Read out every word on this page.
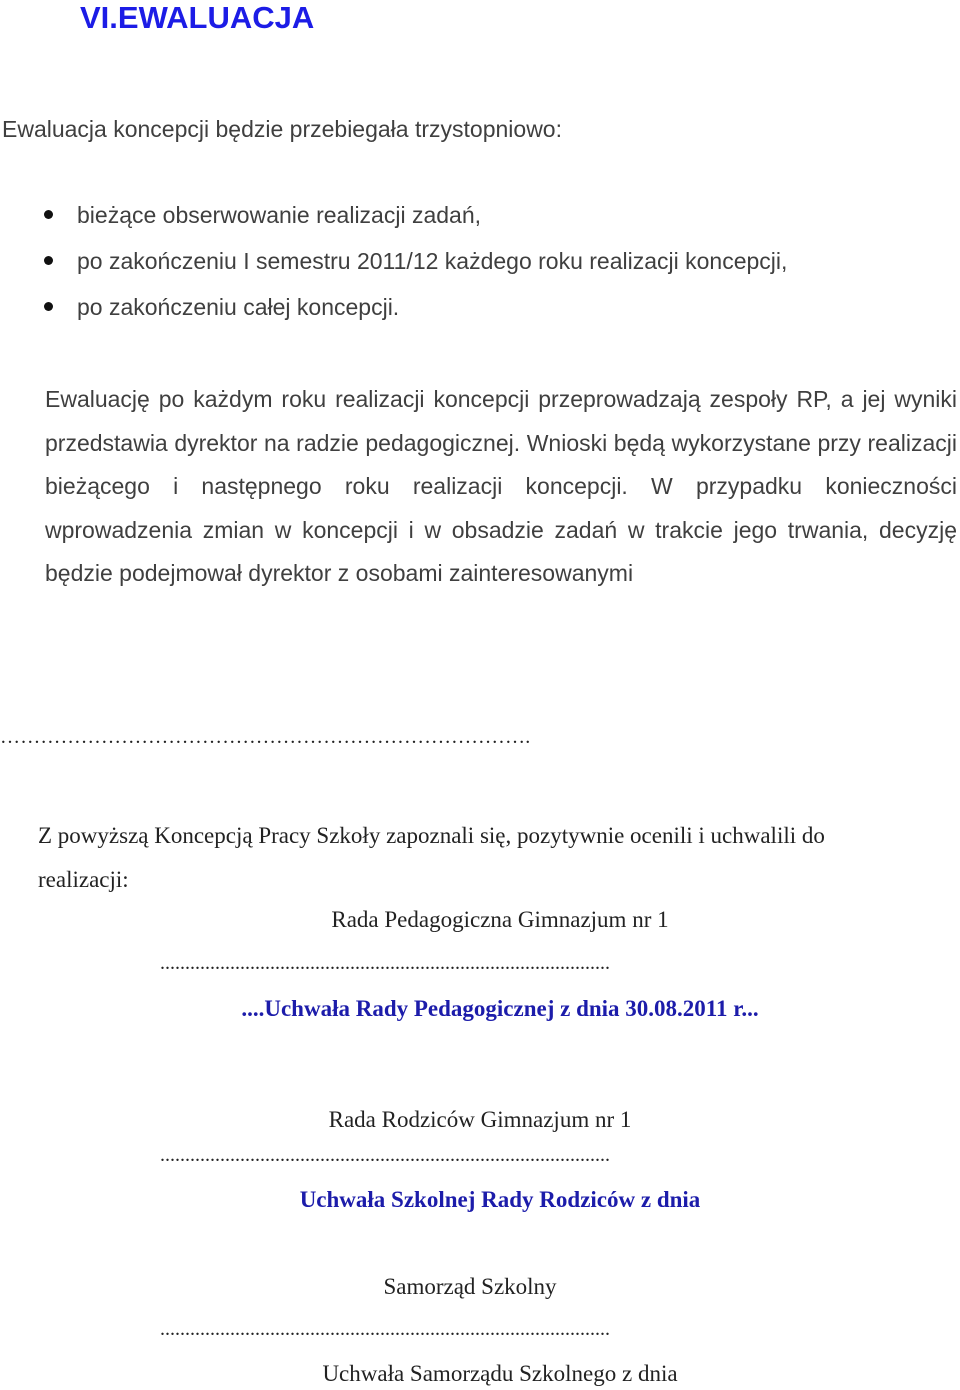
VI.EWALUACJA
Ewaluacja koncepcji będzie przebiegała trzystopniowo:
bieżące obserwowanie realizacji zadań,
po zakończeniu I semestru 2011/12 każdego roku realizacji koncepcji,
po zakończeniu całej koncepcji.
Ewaluację po każdym roku realizacji koncepcji przeprowadzają zespoły RP, a jej wyniki przedstawia dyrektor na radzie pedagogicznej. Wnioski będą wykorzystane przy realizacji bieżącego i następnego roku realizacji koncepcji. W przypadku konieczności wprowadzenia zmian w koncepcji i w obsadzie zadań w trakcie jego trwania, decyzję będzie podejmował dyrektor z osobami zainteresowanymi
…………………………………………………………………….
Z powyższą Koncepcją Pracy Szkoły zapoznali się, pozytywnie ocenili i uchwalili do realizacji:
Rada Pedagogiczna Gimnazjum nr 1
..........................................................................................
....Uchwała Rady Pedagogicznej z dnia 30.08.2011 r...
Rada Rodziców Gimnazjum nr 1
..........................................................................................
Uchwała Szkolnej Rady Rodziców z dnia
Samorząd Szkolny
..........................................................................................
Uchwała Samorządu Szkolnego z dnia
